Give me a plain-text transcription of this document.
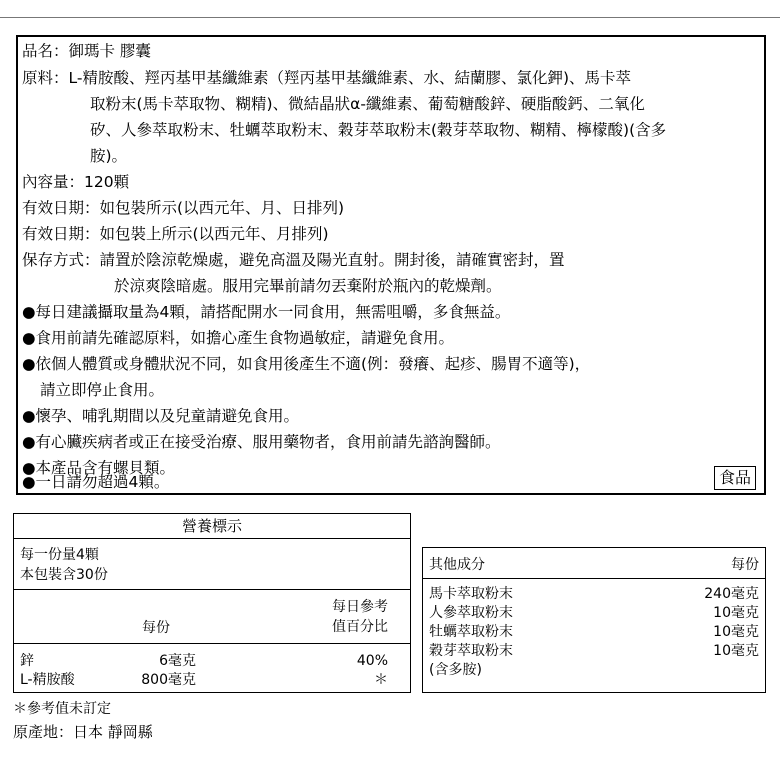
品名：御瑪卡 膠囊
原料：L-精胺酸、羥丙基甲基纖維素（羥丙基甲基纖維素、水、結蘭膠、氯化鉀)、馬卡萃
取粉末(馬卡萃取物、糊精)、微結晶狀α-纖維素、葡萄糖酸鋅、硬脂酸鈣、二氧化
矽、人參萃取粉末、牡蠣萃取粉末、穀芽萃取粉末(穀芽萃取物、糊精、檸檬酸)(含多
胺)。
內容量：120顆
有效日期：如包裝所示(以西元年、月、日排列)
有效日期：如包裝上所示(以西元年、月排列)
保存方式：請置於陰涼乾燥處，避免高溫及陽光直射。開封後，請確實密封，置
於涼爽陰暗處。服用完畢前請勿丟棄附於瓶內的乾燥劑。
●每日建議攝取量為4顆，請搭配開水一同食用，無需咀嚼，多食無益。
●食用前請先確認原料，如擔心產生食物過敏症，請避免食用。
●依個人體質或身體狀況不同，如食用後產生不適(例：發癢、起疹、腸胃不適等)，
請立即停止食用。
●懷孕、哺乳期間以及兒童請避免食用。
●有心臟疾病者或正在接受治療、服用藥物者，食用前請先諮詢醫師。
●本產品含有螺貝類。
●一日請勿超過4顆。	食品
營養標示
每一份量4顆
本包裝含30份
每份
每日參考
值百分比
鋅	6毫克	40%
L-精胺酸	800毫克	＊
其他成分	每份
馬卡萃取粉末	240毫克
人參萃取粉末	10毫克
牡蠣萃取粉末	10毫克
穀芽萃取粉末	10毫克
(含多胺)
＊參考值未訂定
原產地：日本 靜岡縣
